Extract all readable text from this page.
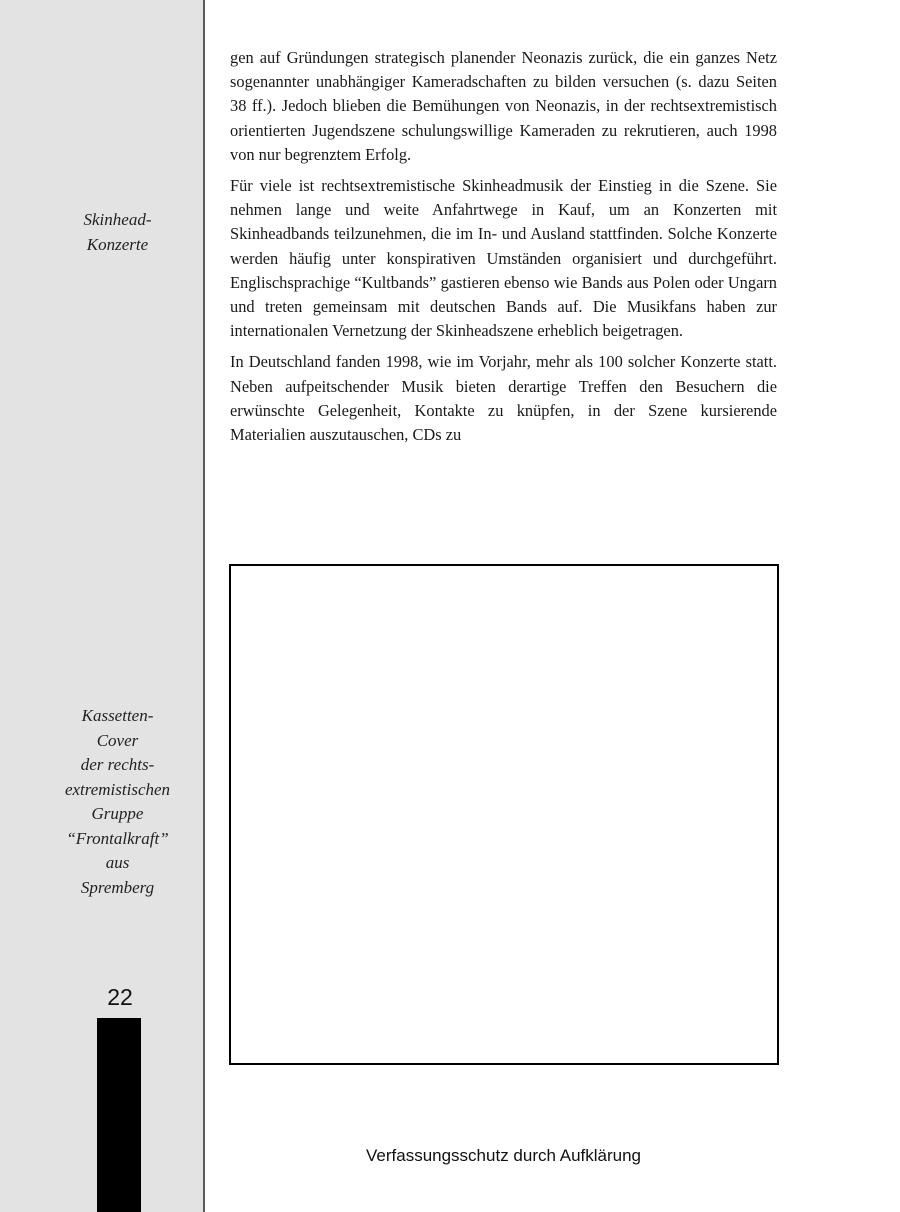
Skinhead-
Konzerte
Kassetten-
Cover
der rechts-
extremistischen
Gruppe
“Frontalkraft”
aus
Spremberg
22

gen auf Gründungen strategisch planender Neonazis zurück, die ein ganzes Netz sogenannter unabhängiger Kameradschaften zu bilden versuchen (s. dazu Seiten 38 ff.). Jedoch blieben die Bemühungen von Neonazis, in der rechtsextremistisch orientierten Jugendszene schulungswillige Kameraden zu rekrutieren, auch 1998 von nur begrenztem Erfolg.

Für viele ist rechtsextremistische Skinheadmusik der Einstieg in die Szene. Sie nehmen lange und weite Anfahrtwege in Kauf, um an Konzerten mit Skinheadbands teilzunehmen, die im In- und Ausland stattfinden. Solche Konzerte werden häufig unter konspirativen Umständen organisiert und durchgeführt. Englischsprachige “Kultbands” gastieren ebenso wie Bands aus Polen oder Ungarn und treten gemeinsam mit deutschen Bands auf. Die Musikfans haben zur internationalen Vernetzung der Skinheadszene erheblich beigetragen.

In Deutschland fanden 1998, wie im Vorjahr, mehr als 100 solcher Konzerte statt. Neben aufpeitschender Musik bieten derartige Treffen den Besuchern die erwünschte Gelegenheit, Kontakte zu knüpfen, in der Szene kursierende Materialien auszutauschen, CDs zu

Verfassungsschutz durch Aufklärung
